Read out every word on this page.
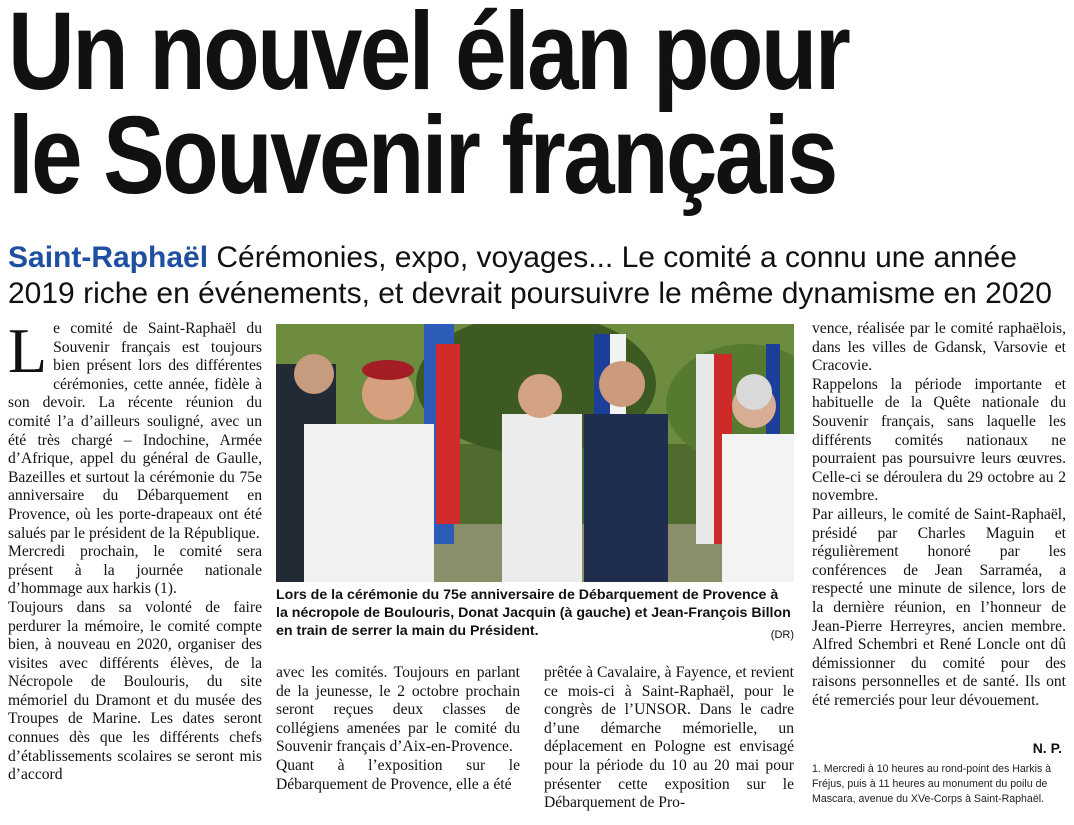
Un nouvel élan pour
le Souvenir français
Saint-Raphaël Cérémonies, expo, voyages... Le comité a connu une année 2019 riche en événements, et devrait poursuivre le même dynamisme en 2020

Le comité de Saint-Raphaël du Souvenir français est toujours bien présent lors des différentes cérémonies, cette année, fidèle à son devoir. La récente réunion du comité l’a d’ailleurs souligné, avec un été très chargé – Indochine, Armée d’Afrique, appel du général de Gaulle, Bazeilles et surtout la cérémonie du 75e anniversaire du Débarquement en Provence, où les porte-drapeaux ont été salués par le président de la République.

Mercredi prochain, le comité sera présent à la journée nationale d’hommage aux harkis (1).

Toujours dans sa volonté de faire perdurer la mémoire, le comité compte bien, à nouveau en 2020, organiser des visites avec différents élèves, de la Nécropole de Boulouris, du site mémoriel du Dramont et du musée des Troupes de Marine. Les dates seront connues dès que les différents chefs d’établissements scolaires se seront mis d’accord

Lors de la cérémonie du 75e anniversaire de Débarquement de Provence à la nécropole de Boulouris, Donat Jacquin (à gauche) et Jean-François Billon en train de serrer la main du Président.	(DR)

avec les comités. Toujours en parlant de la jeunesse, le 2 octobre prochain seront reçues deux classes de collégiens amenées par le comité du Souvenir français d’Aix-en-Provence.

Quant à l’exposition sur le Débarquement de Provence, elle a été

prêtée à Cavalaire, à Fayence, et revient ce mois-ci à Saint-Raphaël, pour le congrès de l’UNSOR. Dans le cadre d’une démarche mémorielle, un déplacement en Pologne est envisagé pour la période du 10 au 20 mai pour présenter cette exposition sur le Débarquement de Pro-

vence, réalisée par le comité raphaëlois, dans les villes de Gdansk, Varsovie et Cracovie.

Rappelons la période importante et habituelle de la Quête nationale du Souvenir français, sans laquelle les différents comités nationaux ne pourraient pas poursuivre leurs œuvres. Celle-ci se déroulera du 29 octobre au 2 novembre.

Par ailleurs, le comité de Saint-Raphaël, présidé par Charles Maguin et régulièrement honoré par les conférences de Jean Sarraméa, a respecté une minute de silence, lors de la dernière réunion, en l’honneur de Jean-Pierre Herreyres, ancien membre. Alfred Schembri et René Loncle ont dû démissionner du comité pour des raisons personnelles et de santé. Ils ont été remerciés pour leur dévouement.

N. P.
1. Mercredi à 10 heures au rond-point des Harkis à Fréjus, puis à 11 heures au monument du poilu de Mascara, avenue du XVe-Corps à Saint-Raphaël.
